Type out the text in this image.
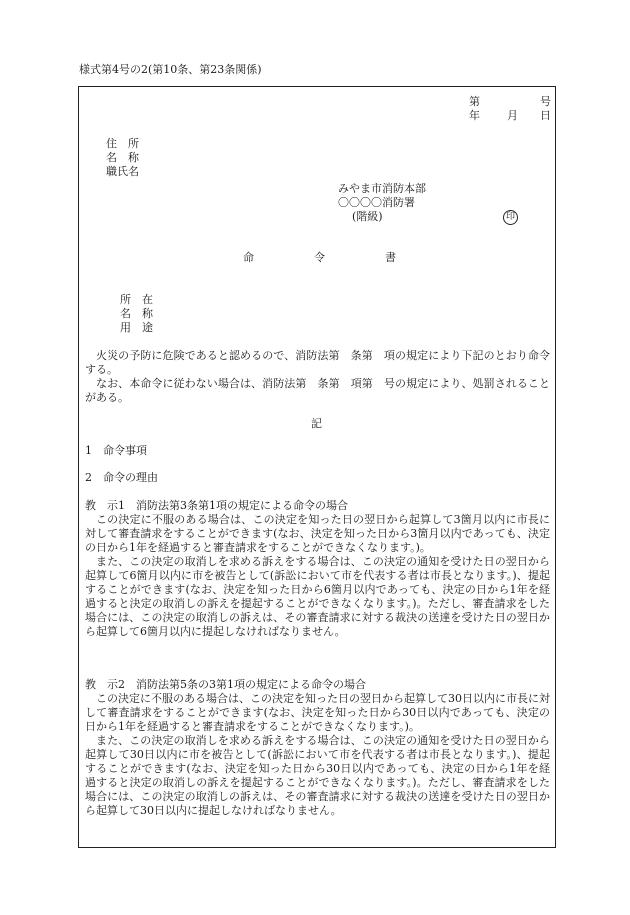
様式第4号の2(第10条、第23条関係)
第	号
年 月 日
住　所
名　称
職氏名
みやま市消防本部
〇〇〇〇消防署
(階級)	印
命	令	書
所　在
名　称
用　途

火災の予防に危険であると認めるので、消防法第　条第　項の規定により下記のとおり命令する。

なお、本命令に従わない場合は、消防法第　条第　項第　号の規定により、処罰されることがある。

記
1　命令事項
2　命令の理由
教　示1　消防法第3条第1項の規定による命令の場合

この決定に不服のある場合は、この決定を知った日の翌日から起算して3箇月以内に市長に対して審査請求をすることができます(なお、決定を知った日から3箇月以内であっても、決定の日から1年を経過すると審査請求をすることができなくなります。)。

また、この決定の取消しを求める訴えをする場合は、この決定の通知を受けた日の翌日から起算して6箇月以内に市を被告として(訴訟において市を代表する者は市長となります。)、提起することができます(なお、決定を知った日から6箇月以内であっても、決定の日から1年を経過すると決定の取消しの訴えを提起することができなくなります。)。ただし、審査請求をした場合には、この決定の取消しの訴えは、その審査請求に対する裁決の送達を受けた日の翌日から起算して6箇月以内に提起しなければなりません。

教　示2　消防法第5条の3第1項の規定による命令の場合

この決定に不服のある場合は、この決定を知った日の翌日から起算して30日以内に市長に対して審査請求をすることができます(なお、決定を知った日から30日以内であっても、決定の日から1年を経過すると審査請求をすることができなくなります。)。

また、この決定の取消しを求める訴えをする場合は、この決定の通知を受けた日の翌日から起算して30日以内に市を被告として(訴訟において市を代表する者は市長となります。)、提起することができます(なお、決定を知った日から30日以内であっても、決定の日から1年を経過すると決定の取消しの訴えを提起することができなくなります。)。ただし、審査請求をした場合には、この決定の取消しの訴えは、その審査請求に対する裁決の送達を受けた日の翌日から起算して30日以内に提起しなければなりません。
